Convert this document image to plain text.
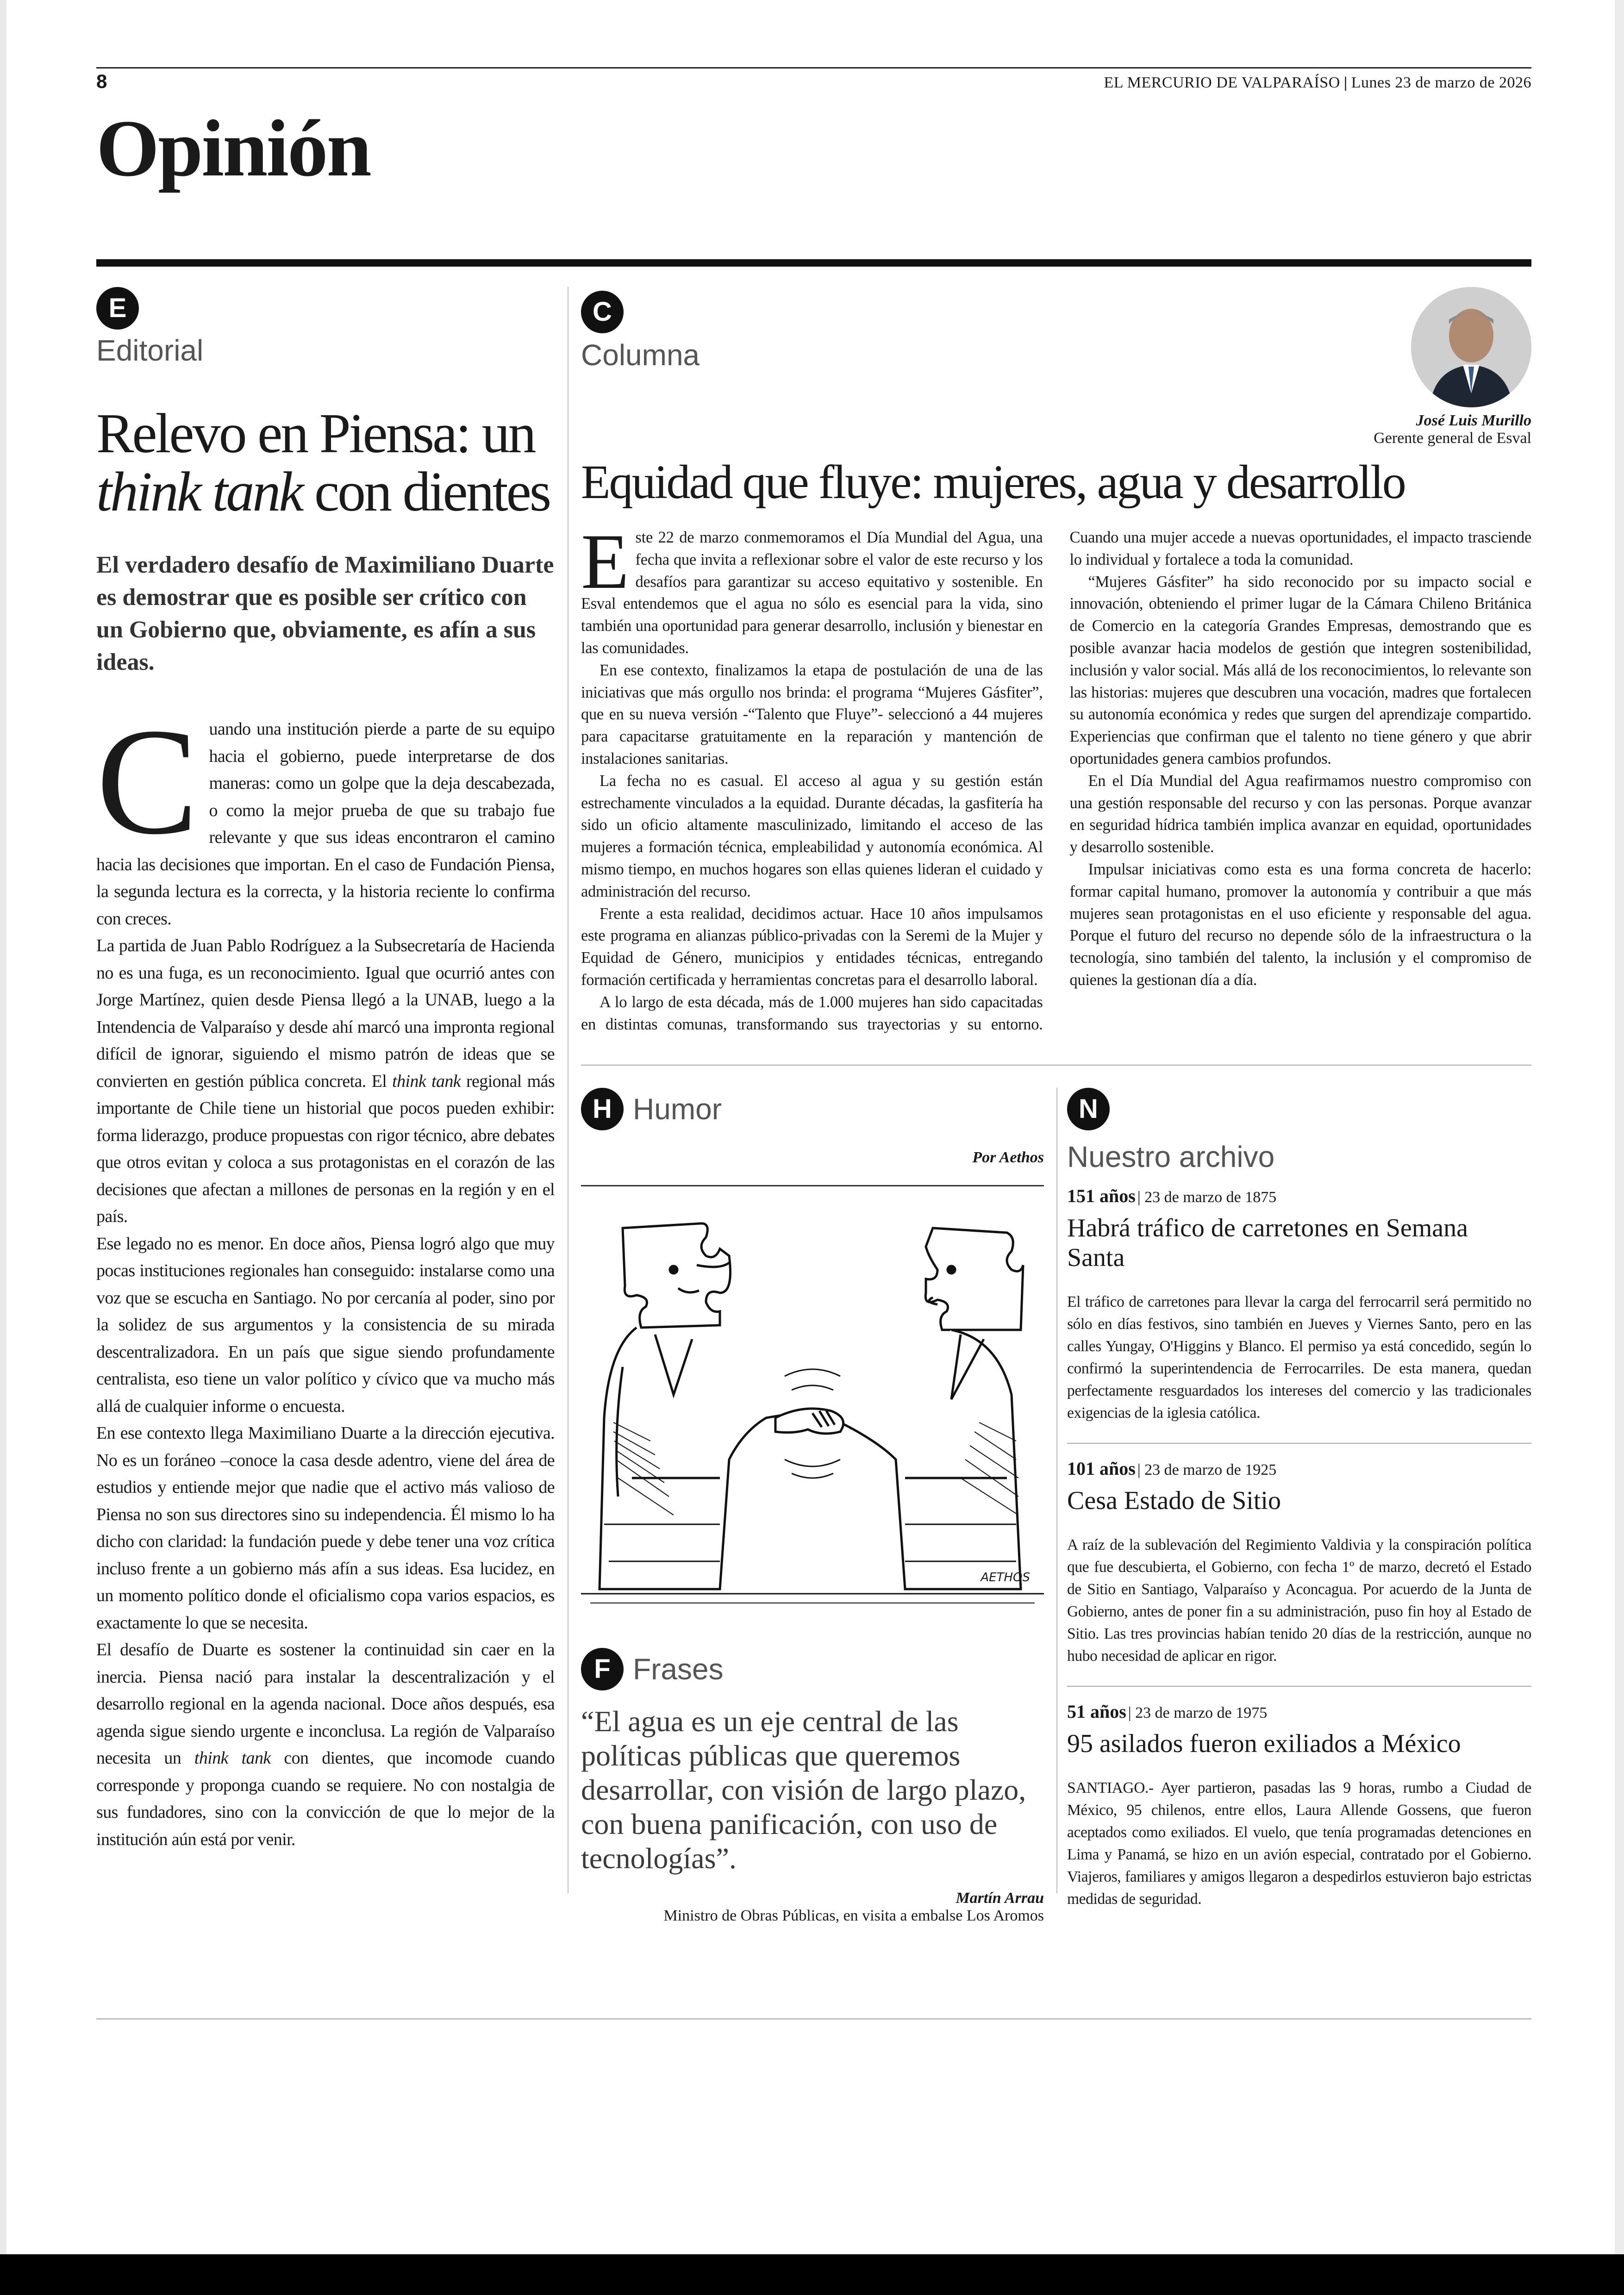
8	EL MERCURIO DE VALPARAÍSO | Lunes 23 de marzo de 2026
Opinión
E
Editorial
Relevo en Piensa: un think tank con dientes
El verdadero desafío de Maximiliano Duarte es demostrar que es posible ser crítico con un Gobierno que, obviamente, es afín a sus ideas.

Cuando una institución pierde a parte de su equipo hacia el gobierno, puede interpretarse de dos maneras: como un golpe que la deja descabezada, o como la mejor prueba de que su trabajo fue relevante y que sus ideas encontraron el camino hacia las decisiones que importan. En el caso de Fundación Piensa, la segunda lectura es la correcta, y la historia reciente lo confirma con creces.

La partida de Juan Pablo Rodríguez a la Subsecretaría de Hacienda no es una fuga, es un reconocimiento. Igual que ocurrió antes con Jorge Martínez, quien desde Piensa llegó a la UNAB, luego a la Intendencia de Valparaíso y desde ahí marcó una impronta regional difícil de ignorar, siguiendo el mismo patrón de ideas que se convierten en gestión pública concreta. El think tank regional más importante de Chile tiene un historial que pocos pueden exhibir: forma liderazgo, produce propuestas con rigor técnico, abre debates que otros evitan y coloca a sus protagonistas en el corazón de las decisiones que afectan a millones de personas en la región y en el país.

Ese legado no es menor. En doce años, Piensa logró algo que muy pocas instituciones regionales han conseguido: instalarse como una voz que se escucha en Santiago. No por cercanía al poder, sino por la solidez de sus argumentos y la consistencia de su mirada descentralizadora. En un país que sigue siendo profundamente centralista, eso tiene un valor político y cívico que va mucho más allá de cualquier informe o encuesta.

En ese contexto llega Maximiliano Duarte a la dirección ejecutiva. No es un foráneo –conoce la casa desde adentro, viene del área de estudios y entiende mejor que nadie que el activo más valioso de Piensa no son sus directores sino su independencia. Él mismo lo ha dicho con claridad: la fundación puede y debe tener una voz crítica incluso frente a un gobierno más afín a sus ideas. Esa lucidez, en un momento político donde el oficialismo copa varios espacios, es exactamente lo que se necesita.

El desafío de Duarte es sostener la continuidad sin caer en la inercia. Piensa nació para instalar la descentralización y el desarrollo regional en la agenda nacional. Doce años después, esa agenda sigue siendo urgente e inconclusa. La región de Valparaíso necesita un think tank con dientes, que incomode cuando corresponde y proponga cuando se requiere. No con nostalgia de sus fundadores, sino con la convicción de que lo mejor de la institución aún está por venir.

C
Columna
José Luis Murillo
Gerente general de Esval
Equidad que fluye: mujeres, agua y desarrollo

Este 22 de marzo conmemoramos el Día Mundial del Agua, una fecha que invita a reflexionar sobre el valor de este recurso y los desafíos para garantizar su acceso equitativo y sostenible. En Esval entendemos que el agua no sólo es esencial para la vida, sino también una oportunidad para generar desarrollo, inclusión y bienestar en las comunidades.

En ese contexto, finalizamos la etapa de postulación de una de las iniciativas que más orgullo nos brinda: el programa “Mujeres Gásfiter”, que en su nueva versión -“Talento que Fluye”- seleccionó a 44 mujeres para capacitarse gratuitamente en la reparación y mantención de instalaciones sanitarias.

La fecha no es casual. El acceso al agua y su gestión están estrechamente vinculados a la equidad. Durante décadas, la gasfitería ha sido un oficio altamente masculinizado, limitando el acceso de las mujeres a formación técnica, empleabilidad y autonomía económica. Al mismo tiempo, en muchos hogares son ellas quienes lideran el cuidado y administración del recurso.

Frente a esta realidad, decidimos actuar. Hace 10 años impulsamos este programa en alianzas público-privadas con la Seremi de la Mujer y Equidad de Género, municipios y entidades técnicas, entregando formación certificada y herramientas concretas para el desarrollo laboral.

A lo largo de esta década, más de 1.000 mujeres han sido capacitadas en distintas comunas, transformando sus trayectorias y su entorno. Cuando una mujer accede a nuevas oportunidades, el impacto trasciende lo individual y fortalece a toda la comunidad.

“Mujeres Gásfiter” ha sido reconocido por su impacto social e innovación, obteniendo el primer lugar de la Cámara Chileno Británica de Comercio en la categoría Grandes Empresas, demostrando que es posible avanzar hacia modelos de gestión que integren sostenibilidad, inclusión y valor social. Más allá de los reconocimientos, lo relevante son las historias: mujeres que descubren una vocación, madres que fortalecen su autonomía económica y redes que surgen del aprendizaje compartido. Experiencias que confirman que el talento no tiene género y que abrir oportunidades genera cambios profundos.

En el Día Mundial del Agua reafirmamos nuestro compromiso con una gestión responsable del recurso y con las personas. Porque avanzar en seguridad hídrica también implica avanzar en equidad, oportunidades y desarrollo sostenible.

Impulsar iniciativas como esta es una forma concreta de hacerlo: formar capital humano, promover la autonomía y contribuir a que más mujeres sean protagonistas en el uso eficiente y responsable del agua. Porque el futuro del recurso no depende sólo de la infraestructura o la tecnología, sino también del talento, la inclusión y el compromiso de quienes la gestionan día a día.

H Humor
Por Aethos
AETHOS
F Frases
“El agua es un eje central de las políticas públicas que queremos desarrollar, con visión de largo plazo, con buena panificación, con uso de tecnologías”.
Martín Arrau
Ministro de Obras Públicas, en visita a embalse Los Aromos
N
Nuestro archivo
151 años | 23 de marzo de 1875
Habrá tráfico de carretones en Semana Santa

El tráfico de carretones para llevar la carga del ferrocarril será permitido no sólo en días festivos, sino también en Jueves y Viernes Santo, pero en las calles Yungay, O'Higgins y Blanco. El permiso ya está concedido, según lo confirmó la superintendencia de Ferrocarriles. De esta manera, quedan perfectamente resguardados los intereses del comercio y las tradicionales exigencias de la iglesia católica.

101 años | 23 de marzo de 1925
Cesa Estado de Sitio

A raíz de la sublevación del Regimiento Valdivia y la conspiración política que fue descubierta, el Gobierno, con fecha 1º de marzo, decretó el Estado de Sitio en Santiago, Valparaíso y Aconcagua. Por acuerdo de la Junta de Gobierno, antes de poner fin a su administración, puso fin hoy al Estado de Sitio. Las tres provincias habían tenido 20 días de la restricción, aunque no hubo necesidad de aplicar en rigor.

51 años | 23 de marzo de 1975
95 asilados fueron exiliados a México

SANTIAGO.- Ayer partieron, pasadas las 9 horas, rumbo a Ciudad de México, 95 chilenos, entre ellos, Laura Allende Gossens, que fueron aceptados como exiliados. El vuelo, que tenía programadas detenciones en Lima y Panamá, se hizo en un avión especial, contratado por el Gobierno. Viajeros, familiares y amigos llegaron a despedirlos estuvieron bajo estrictas medidas de seguridad.
